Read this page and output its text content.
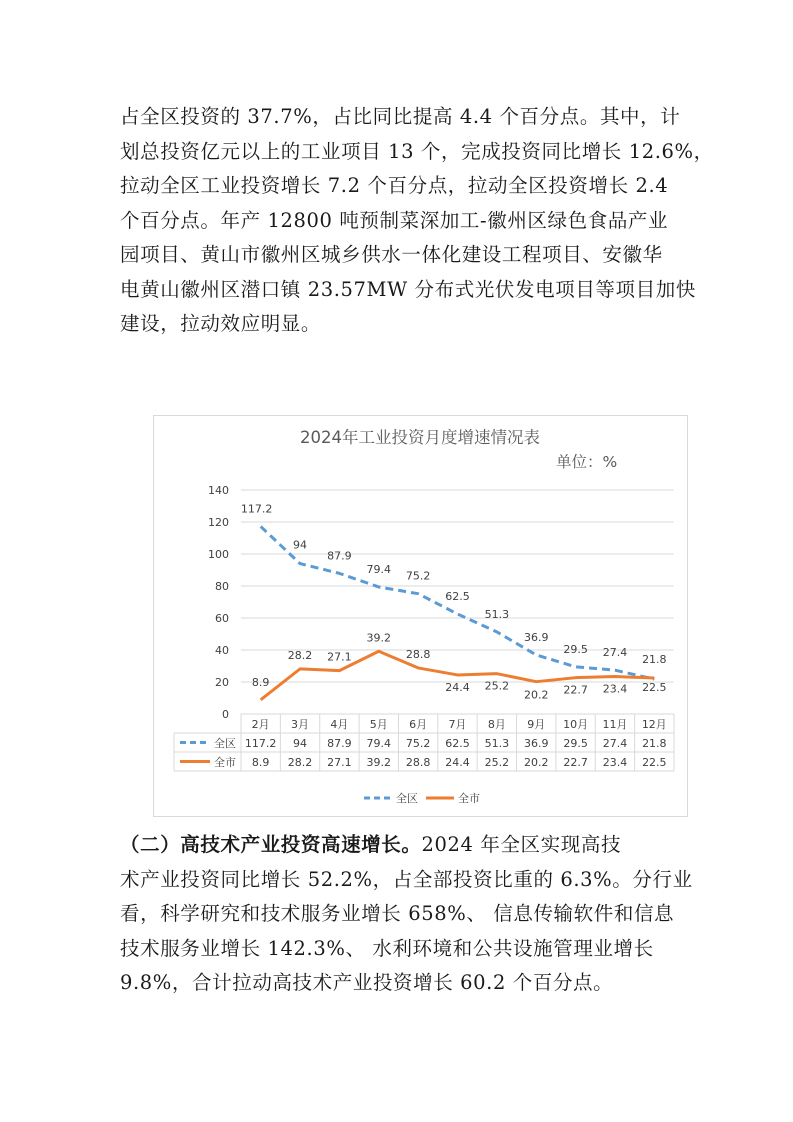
占全区投资的 37.7%，占比同比提高 4.4 个百分点。其中，计
划总投资亿元以上的工业项目 13 个，完成投资同比增长 12.6%，
拉动全区工业投资增长 7.2 个百分点，拉动全区投资增长 2.4
个百分点。年产 12800 吨预制菜深加工-徽州区绿色食品产业
园项目、黄山市徽州区城乡供水一体化建设工程项目、安徽华
电黄山徽州区潜口镇 23.57MW 分布式光伏发电项目等项目加快
建设，拉动效应明显。

2024年工业投资月度增速情况表
单位：%
0
20
40
60
80
100
120
140
117.2
94
87.9
79.4
75.2
62.5
51.3
36.9
29.5 27.4
21.8
8.9
28.2 27.1
39.2
28.8
24.4 25.2
20.2 22.7 23.4 22.5
2月 3月 4月 5月 6月 7月 8月 9月 10月 11月 12月
全区 117.2 94 87.9 79.4 75.2 62.5 51.3 36.9 29.5 27.4 21.8
全市 8.9 28.2 27.1 39.2 28.8 24.4 25.2 20.2 22.7 23.4 22.5
全区	全市

（二）高技术产业投资高速增长。2024 年全区实现高技
术产业投资同比增长 52.2%，占全部投资比重的 6.3%。分行业
看，科学研究和技术服务业增长 658%、 信息传输软件和信息
技术服务业增长 142.3%、 水利环境和公共设施管理业增长
9.8%，合计拉动高技术产业投资增长 60.2 个百分点。
